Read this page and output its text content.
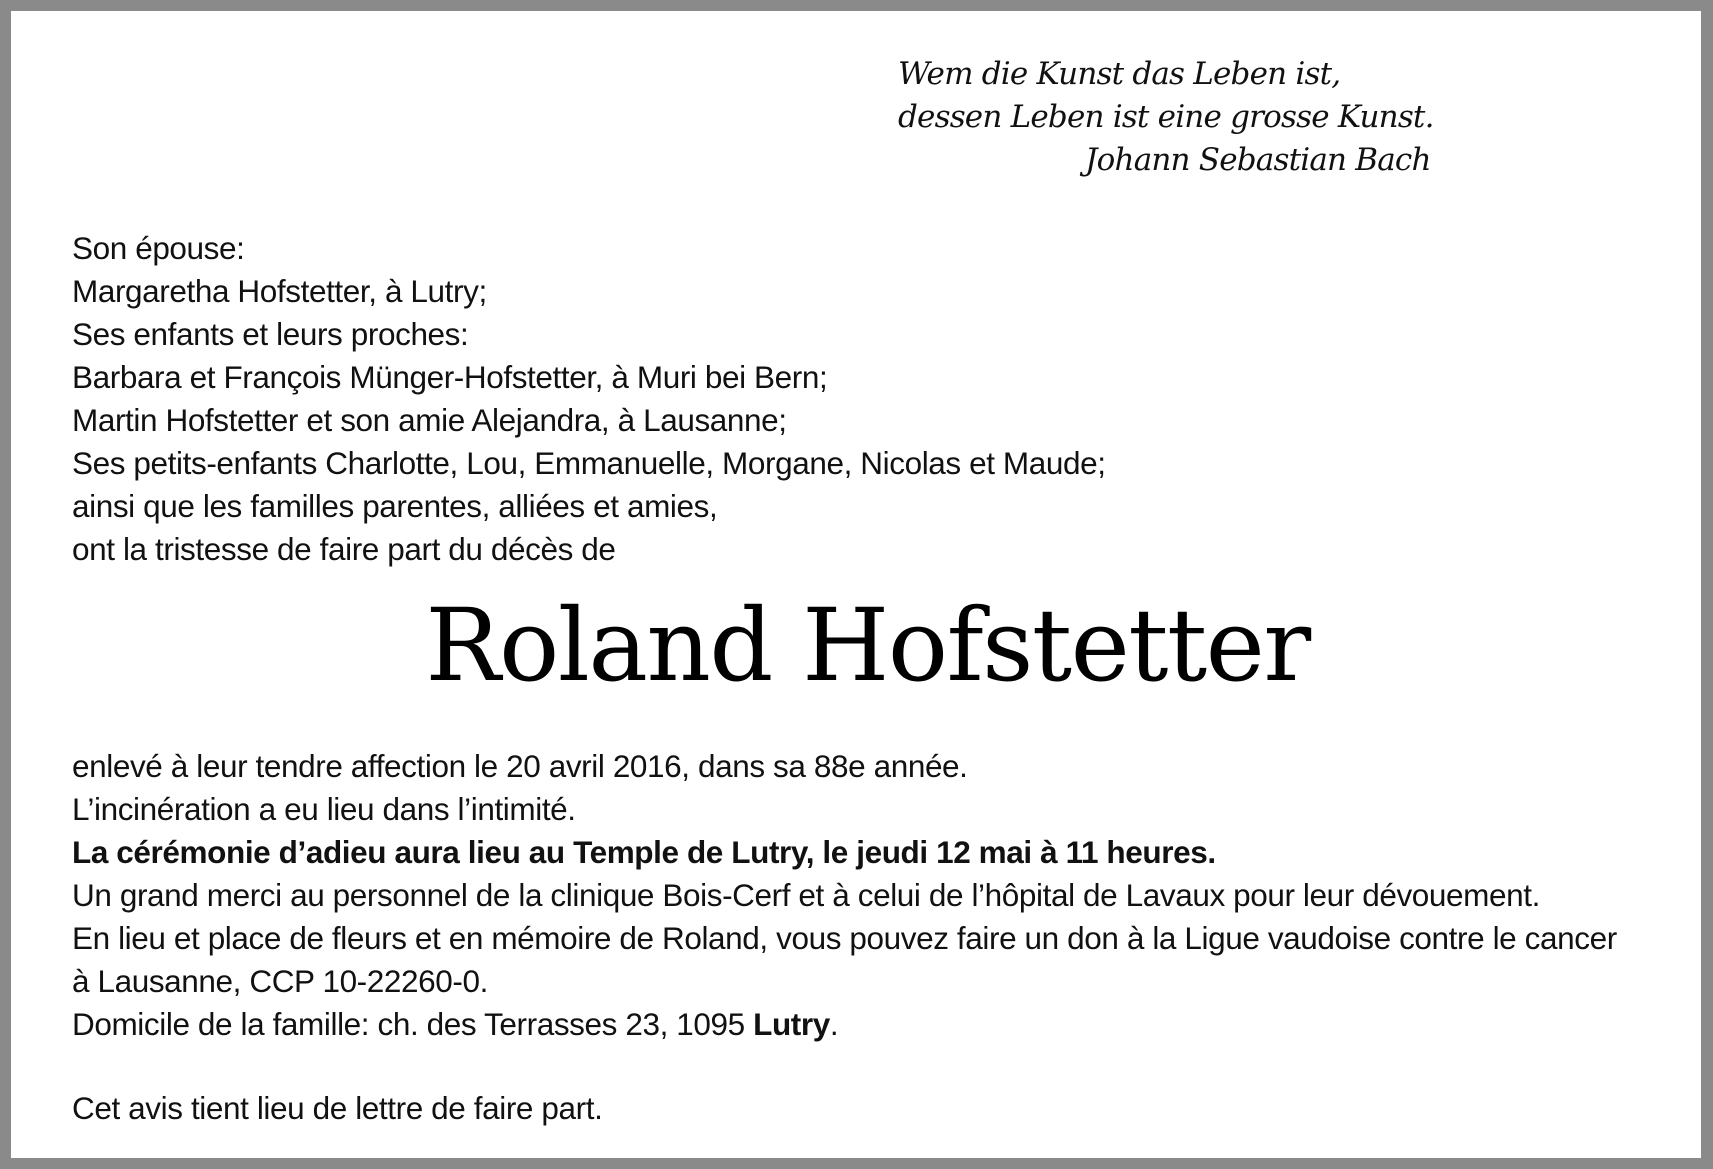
Wem die Kunst das Leben ist,
dessen Leben ist eine grosse Kunst.
Johann Sebastian Bach
Son épouse:
Margaretha Hofstetter, à Lutry;
Ses enfants et leurs proches:
Barbara et François Münger-Hofstetter, à Muri bei Bern;
Martin Hofstetter et son amie Alejandra, à Lausanne;
Ses petits-enfants Charlotte, Lou, Emmanuelle, Morgane, Nicolas et Maude;
ainsi que les familles parentes, alliées et amies,
ont la tristesse de faire part du décès de
Roland Hofstetter
enlevé à leur tendre affection le 20 avril 2016, dans sa 88e année.
L’incinération a eu lieu dans l’intimité.
La cérémonie d’adieu aura lieu au Temple de Lutry, le jeudi 12 mai à 11 heures.
Un grand merci au personnel de la clinique Bois-Cerf et à celui de l’hôpital de Lavaux pour leur dévouement.
En lieu et place de fleurs et en mémoire de Roland, vous pouvez faire un don à la Ligue vaudoise contre le cancer
à Lausanne, CCP 10-22260-0.
Domicile de la famille: ch. des Terrasses 23, 1095 Lutry.
Cet avis tient lieu de lettre de faire part.
